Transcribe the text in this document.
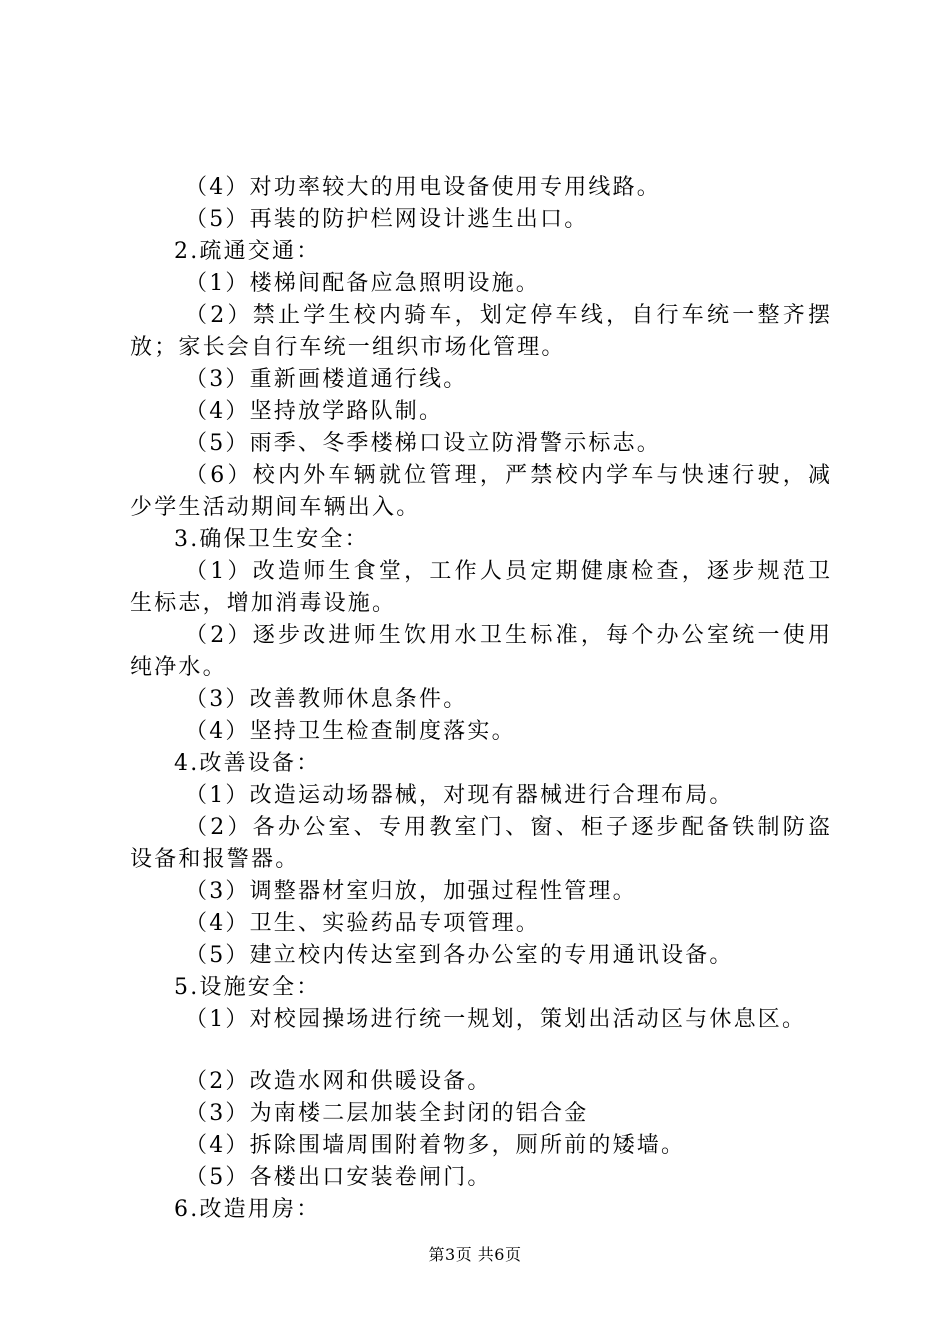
（4）对功率较大的用电设备使用专用线路。
（5）再装的防护栏网设计逃生出口。
2.疏通交通：
（1）楼梯间配备应急照明设施。
（2）禁止学生校内骑车，划定停车线，自行车统一整齐摆
放；家长会自行车统一组织市场化管理。
（3）重新画楼道通行线。
（4）坚持放学路队制。
（5）雨季、冬季楼梯口设立防滑警示标志。
（6）校内外车辆就位管理，严禁校内学车与快速行驶，减
少学生活动期间车辆出入。
3.确保卫生安全：
（1）改造师生食堂，工作人员定期健康检查，逐步规范卫
生标志，增加消毒设施。
（2）逐步改进师生饮用水卫生标准，每个办公室统一使用
纯净水。
（3）改善教师休息条件。
（4）坚持卫生检查制度落实。
4.改善设备：
（1）改造运动场器械，对现有器械进行合理布局。
（2）各办公室、专用教室门、窗、柜子逐步配备铁制防盗
设备和报警器。
（3）调整器材室归放，加强过程性管理。
（4）卫生、实验药品专项管理。
（5）建立校内传达室到各办公室的专用通讯设备。
5.设施安全：
（1）对校园操场进行统一规划，策划出活动区与休息区。
（2）改造水网和供暖设备。
（3）为南楼二层加装全封闭的铝合金
（4）拆除围墙周围附着物多，厕所前的矮墙。
（5）各楼出口安装卷闸门。
6.改造用房：
第3页 共6页
